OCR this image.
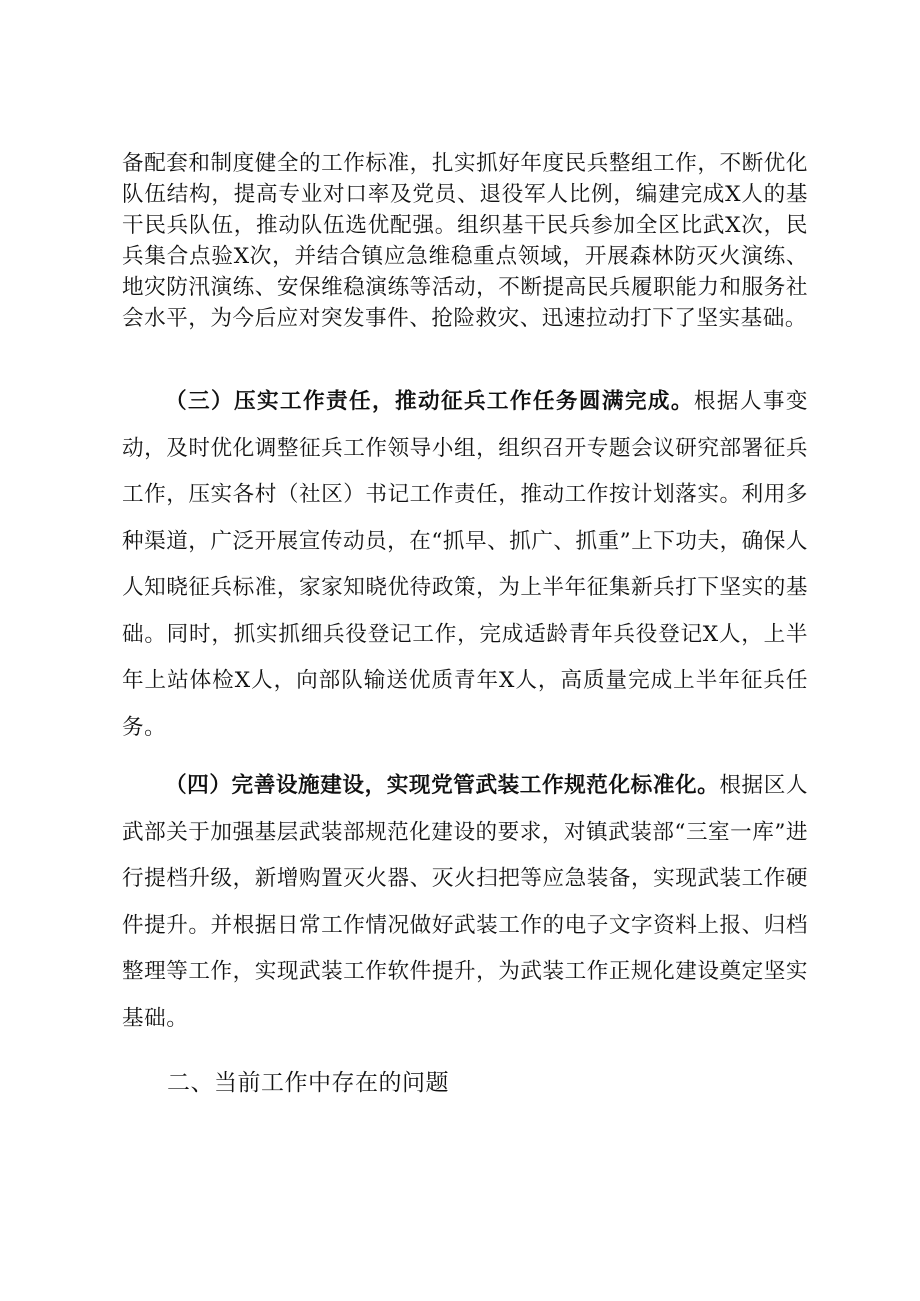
备配套和制度健全的工作标准，扎实抓好年度民兵整组工作，不断优化队伍结构，提高专业对口率及党员、退役军人比例，编建完成X人的基干民兵队伍，推动队伍选优配强。组织基干民兵参加全区比武X次，民兵集合点验X次，并结合镇应急维稳重点领域，开展森林防灭火演练、地灾防汛演练、安保维稳演练等活动，不断提高民兵履职能力和服务社会水平，为今后应对突发事件、抢险救灾、迅速拉动打下了坚实基础。
（三）压实工作责任，推动征兵工作任务圆满完成。根据人事变动，及时优化调整征兵工作领导小组，组织召开专题会议研究部署征兵工作，压实各村（社区）书记工作责任，推动工作按计划落实。利用多种渠道，广泛开展宣传动员，在“抓早、抓广、抓重”上下功夫，确保人人知晓征兵标准，家家知晓优待政策，为上半年征集新兵打下坚实的基础。同时，抓实抓细兵役登记工作，完成适龄青年兵役登记X人，上半年上站体检X人，向部队输送优质青年X人，高质量完成上半年征兵任务。
（四）完善设施建设，实现党管武装工作规范化标准化。根据区人武部关于加强基层武装部规范化建设的要求，对镇武装部“三室一库”进行提档升级，新增购置灭火器、灭火扫把等应急装备，实现武装工作硬件提升。并根据日常工作情况做好武装工作的电子文字资料上报、归档整理等工作，实现武装工作软件提升，为武装工作正规化建设奠定坚实基础。
二、当前工作中存在的问题
